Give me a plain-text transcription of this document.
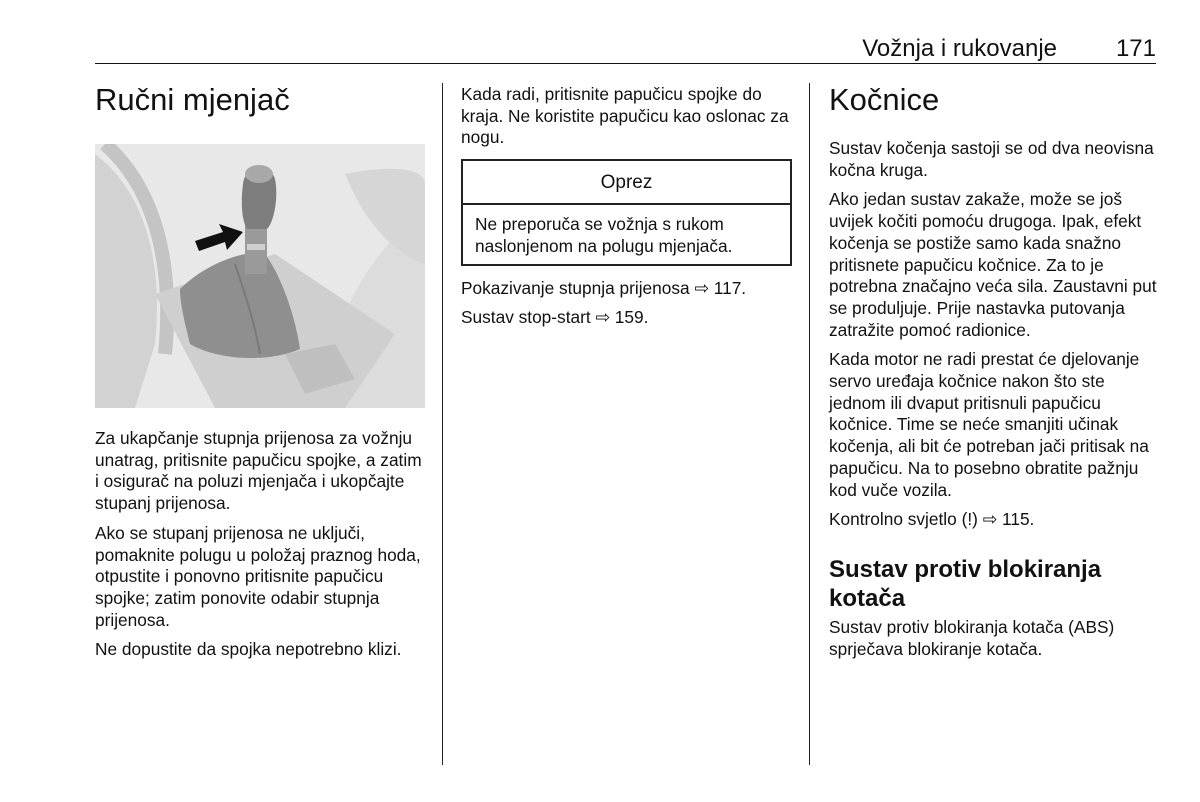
Vožnja i rukovanje 171
Ručni mjenjač

Za ukapčanje stupnja prijenosa za vožnju unatrag, pritisnite papučicu spojke, a zatim i osigurač na poluzi mjenjača i ukopčajte stupanj prijenosa.

Ako se stupanj prijenosa ne uključi, pomaknite polugu u položaj praznog hoda, otpustite i ponovno pritisnite papučicu spojke; zatim ponovite odabir stupnja prijenosa.

Ne dopustite da spojka nepotrebno klizi.

Kada radi, pritisnite papučicu spojke do kraja. Ne koristite papučicu kao oslonac za nogu.

Oprez

Ne preporuča se vožnja s rukom naslonjenom na polugu mjenjača.

Pokazivanje stupnja prijenosa ⇨ 117.

Sustav stop-start ⇨ 159.

Kočnice

Sustav kočenja sastoji se od dva neovisna kočna kruga.

Ako jedan sustav zakaže, može se još uvijek kočiti pomoću drugoga. Ipak, efekt kočenja se postiže samo kada snažno pritisnete papučicu kočnice. Za to je potrebna značajno veća sila. Zaustavni put se produljuje. Prije nastavka putovanja zatražite pomoć radionice.

Kada motor ne radi prestat će djelovanje servo uređaja kočnice nakon što ste jednom ili dvaput pritisnuli papučicu kočnice. Time se neće smanjiti učinak kočenja, ali bit će potreban jači pritisak na papučicu. Na to posebno obratite pažnju kod vuče vozila.

Kontrolno svjetlo (!) ⇨ 115.

Sustav protiv blokiranja kotača

Sustav protiv blokiranja kotača (ABS) sprječava blokiranje kotača.
